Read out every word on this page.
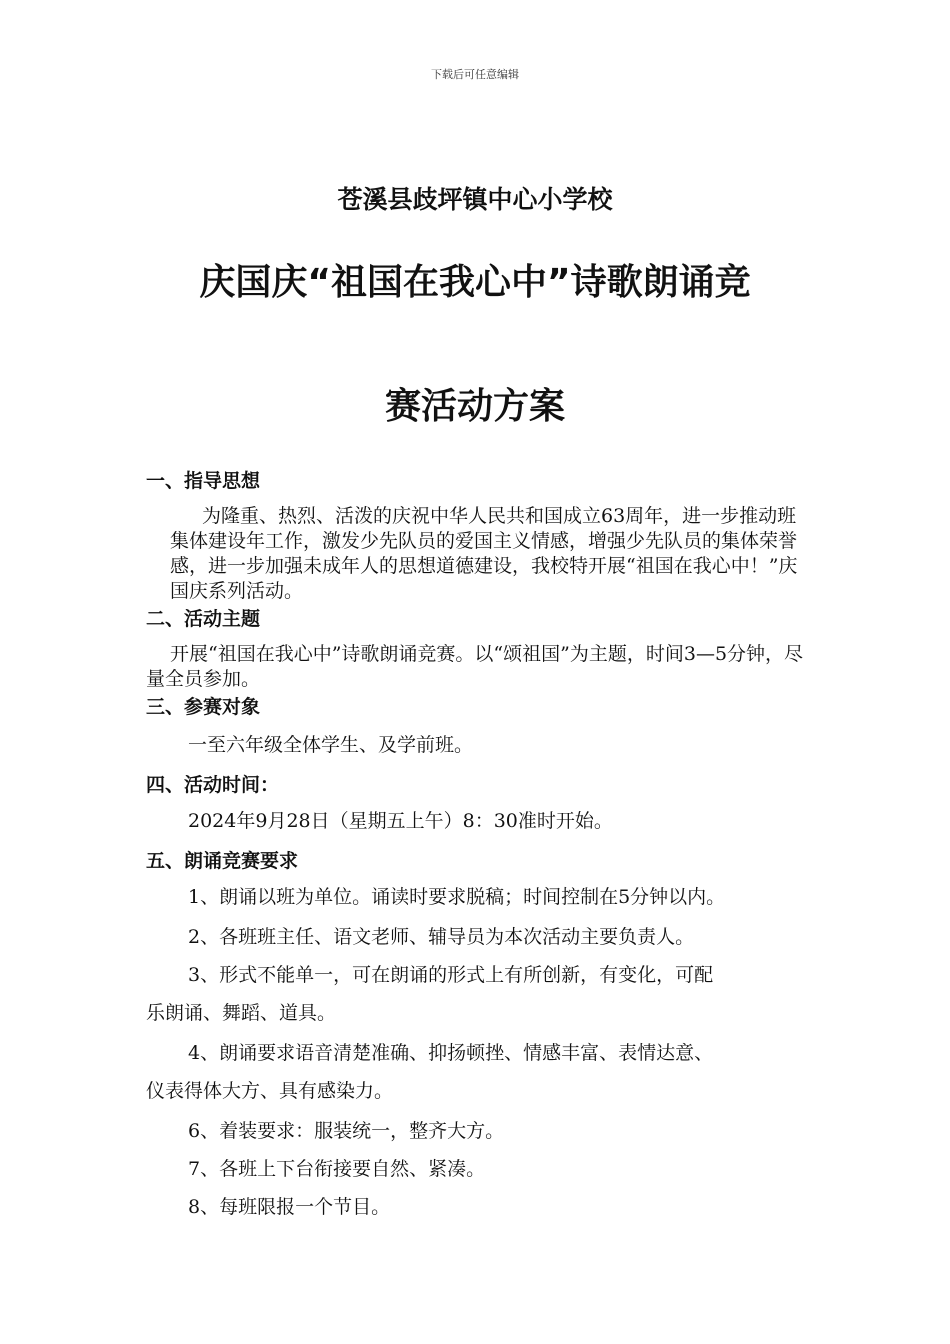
下载后可任意编辑
苍溪县歧坪镇中心小学校
庆国庆“祖国在我心中”诗歌朗诵竞
赛活动方案
一、指导思想
为隆重、热烈、活泼的庆祝中华人民共和国成立63周年，进一步推动班集体建设年工作，激发少先队员的爱国主义情感，增强少先队员的集体荣誉感，进一步加强未成年人的思想道德建设，我校特开展“祖国在我心中！”庆国庆系列活动。
二、活动主题
开展“祖国在我心中”诗歌朗诵竞赛。以“颂祖国”为主题，时间3—5分钟，尽量全员参加。
三、参赛对象
一至六年级全体学生、及学前班。
四、活动时间：
2024年9月28日（星期五上午）8：30准时开始。
五、朗诵竞赛要求
1、朗诵以班为单位。诵读时要求脱稿；时间控制在5分钟以内。
2、各班班主任、语文老师、辅导员为本次活动主要负责人。
3、形式不能单一，可在朗诵的形式上有所创新，有变化，可配
乐朗诵、舞蹈、道具。
4、朗诵要求语音清楚准确、抑扬顿挫、情感丰富、表情达意、
仪表得体大方、具有感染力。
6、着装要求：服装统一，整齐大方。
7、各班上下台衔接要自然、紧凑。
8、每班限报一个节目。
